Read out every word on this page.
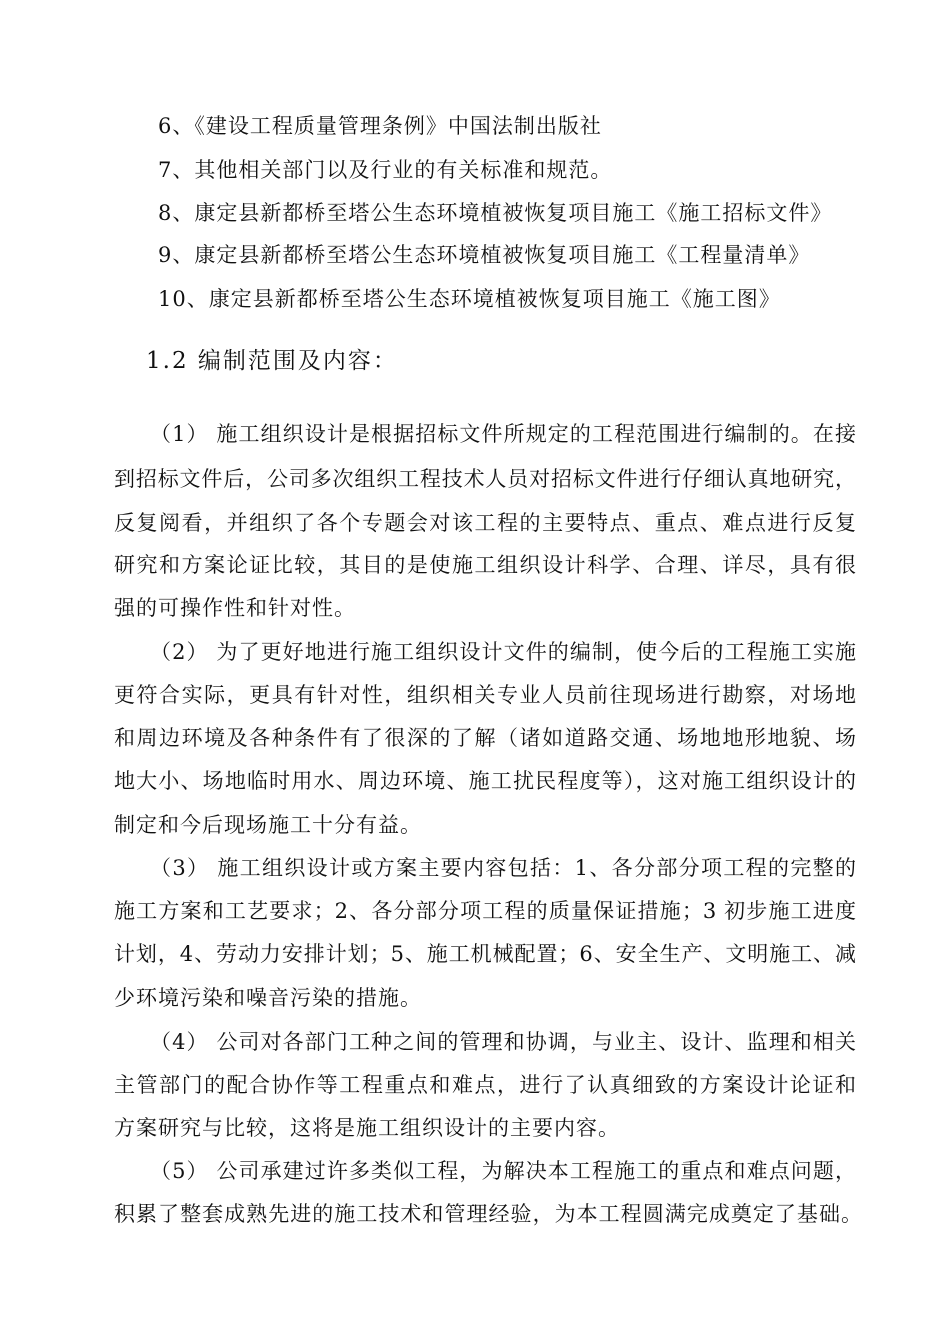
6、《建设工程质量管理条例》中国法制出版社
7、其他相关部门以及行业的有关标准和规范。
8、康定县新都桥至塔公生态环境植被恢复项目施工《施工招标文件》
9、康定县新都桥至塔公生态环境植被恢复项目施工《工程量清单》
10、康定县新都桥至塔公生态环境植被恢复项目施工《施工图》
1.2 编制范围及内容：
（1） 施工组织设计是根据招标文件所规定的工程范围进行编制的。在接
到招标文件后，公司多次组织工程技术人员对招标文件进行仔细认真地研究，
反复阅看，并组织了各个专题会对该工程的主要特点、重点、难点进行反复
研究和方案论证比较，其目的是使施工组织设计科学、合理、详尽，具有很
强的可操作性和针对性。
（2） 为了更好地进行施工组织设计文件的编制，使今后的工程施工实施
更符合实际，更具有针对性，组织相关专业人员前往现场进行勘察，对场地
和周边环境及各种条件有了很深的了解（诸如道路交通、场地地形地貌、场
地大小、场地临时用水、周边环境、施工扰民程度等），这对施工组织设计的
制定和今后现场施工十分有益。
（3） 施工组织设计或方案主要内容包括：1、各分部分项工程的完整的
施工方案和工艺要求；2、各分部分项工程的质量保证措施；3 初步施工进度
计划，4、劳动力安排计划；5、施工机械配置；6、安全生产、文明施工、减
少环境污染和噪音污染的措施。
（4） 公司对各部门工种之间的管理和协调，与业主、设计、监理和相关
主管部门的配合协作等工程重点和难点，进行了认真细致的方案设计论证和
方案研究与比较，这将是施工组织设计的主要内容。
（5） 公司承建过许多类似工程，为解决本工程施工的重点和难点问题，
积累了整套成熟先进的施工技术和管理经验，为本工程圆满完成奠定了基础。
